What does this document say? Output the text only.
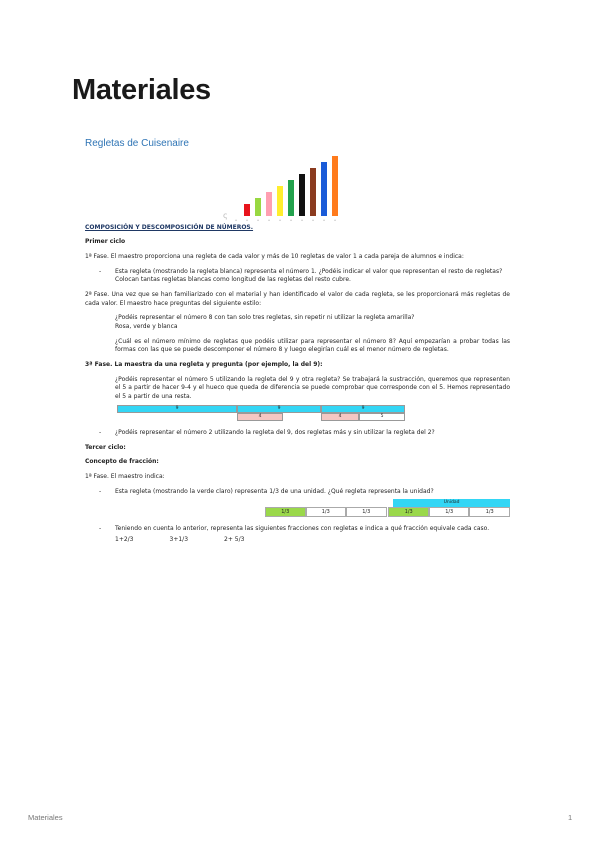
Materiales
Regletas de Cuisenaire
ҁ
•	•	•	•	•	•	•	•	•	•

COMPOSICIÓN Y DESCOMPOSICIÓN DE NÚMEROS.

Primer ciclo

1ª Fase. El maestro proporciona una regleta de cada valor y más de 10 regletas de valor 1 a cada pareja de alumnos e indica:

- Esta regleta (mostrando la regleta blanca) representa el número 1. ¿Podéis indicar el valor que representan el resto de regletas?
Colocan tantas regletas blancas como longitud de las regletas del resto cubre.

2ª Fase. Una vez que se han familiarizado con el material y han identificado el valor de cada regleta, se les proporcionará más regletas de cada valor. El maestro hace preguntas del siguiente estilo:

¿Podéis representar el número 8 con tan solo tres regletas, sin repetir ni utilizar la regleta amarilla?
Rosa, verde y blanca

¿Cuál es el número mínimo de regletas que podéis utilizar para representar el número 8? Aquí empezarían a probar todas las formas con las que se puede descomponer el número 8 y luego elegirían cuál es el menor número de regletas.

3ª Fase. La maestra da una regleta y pregunta (por ejemplo, la del 9):

¿Podéis representar el número 5 utilizando la regleta del 9 y otra regleta? Se trabajará la sustracción, queremos que representen el 5 a partir de hacer 9-4 y el hueco que queda de diferencia se puede comprobar que corresponde con el 5. Hemos representado el 5 a partir de una resta.

9	9	9
4	4	5
- ¿Podéis representar el número 2 utilizando la regleta del 9, dos regletas más y sin utilizar la regleta del 2?

Tercer ciclo:

Concepto de fracción:

1ª Fase. El maestro indica:

- Esta regleta (mostrando la verde claro) representa 1/3 de una unidad. ¿Qué regleta representa la unidad?
Unidad
1/3	1/3	1/3	1/3	1/3	1/3
- Teniendo en cuenta lo anterior, representa las siguientes fracciones con regletas e indica a qué fracción equivale cada caso.
1+2/3	3+1/3	2+ 5/3
Materiales	1
